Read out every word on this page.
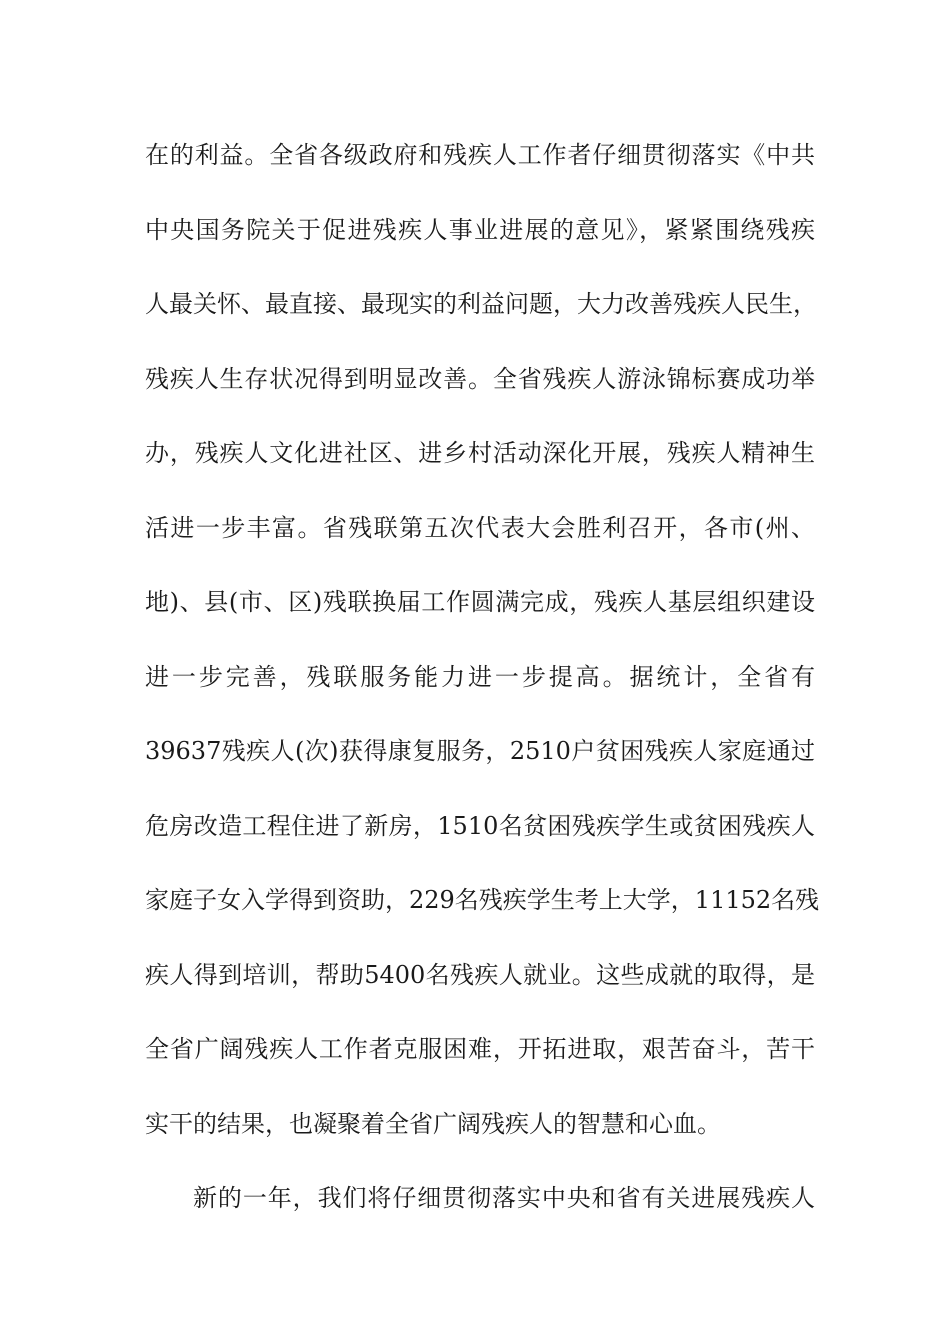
在的利益。全省各级政府和残疾人工作者仔细贯彻落实《中共
中央国务院关于促进残疾人事业进展的意见》，紧紧围绕残疾
人最关怀、最直接、最现实的利益问题，大力改善残疾人民生，
残疾人生存状况得到明显改善。全省残疾人游泳锦标赛成功举
办，残疾人文化进社区、进乡村活动深化开展，残疾人精神生
活进一步丰富。省残联第五次代表大会胜利召开，各市(州、
地)、县(市、区)残联换届工作圆满完成，残疾人基层组织建设
进一步完善，残联服务能力进一步提高。据统计，全省有
39637残疾人(次)获得康复服务，2510户贫困残疾人家庭通过
危房改造工程住进了新房，1510名贫困残疾学生或贫困残疾人
家庭子女入学得到资助，229名残疾学生考上大学，11152名残
疾人得到培训，帮助5400名残疾人就业。这些成就的取得，是
全省广阔残疾人工作者克服困难，开拓进取，艰苦奋斗，苦干
实干的结果，也凝聚着全省广阔残疾人的智慧和心血。
新的一年，我们将仔细贯彻落实中央和省有关进展残疾人
